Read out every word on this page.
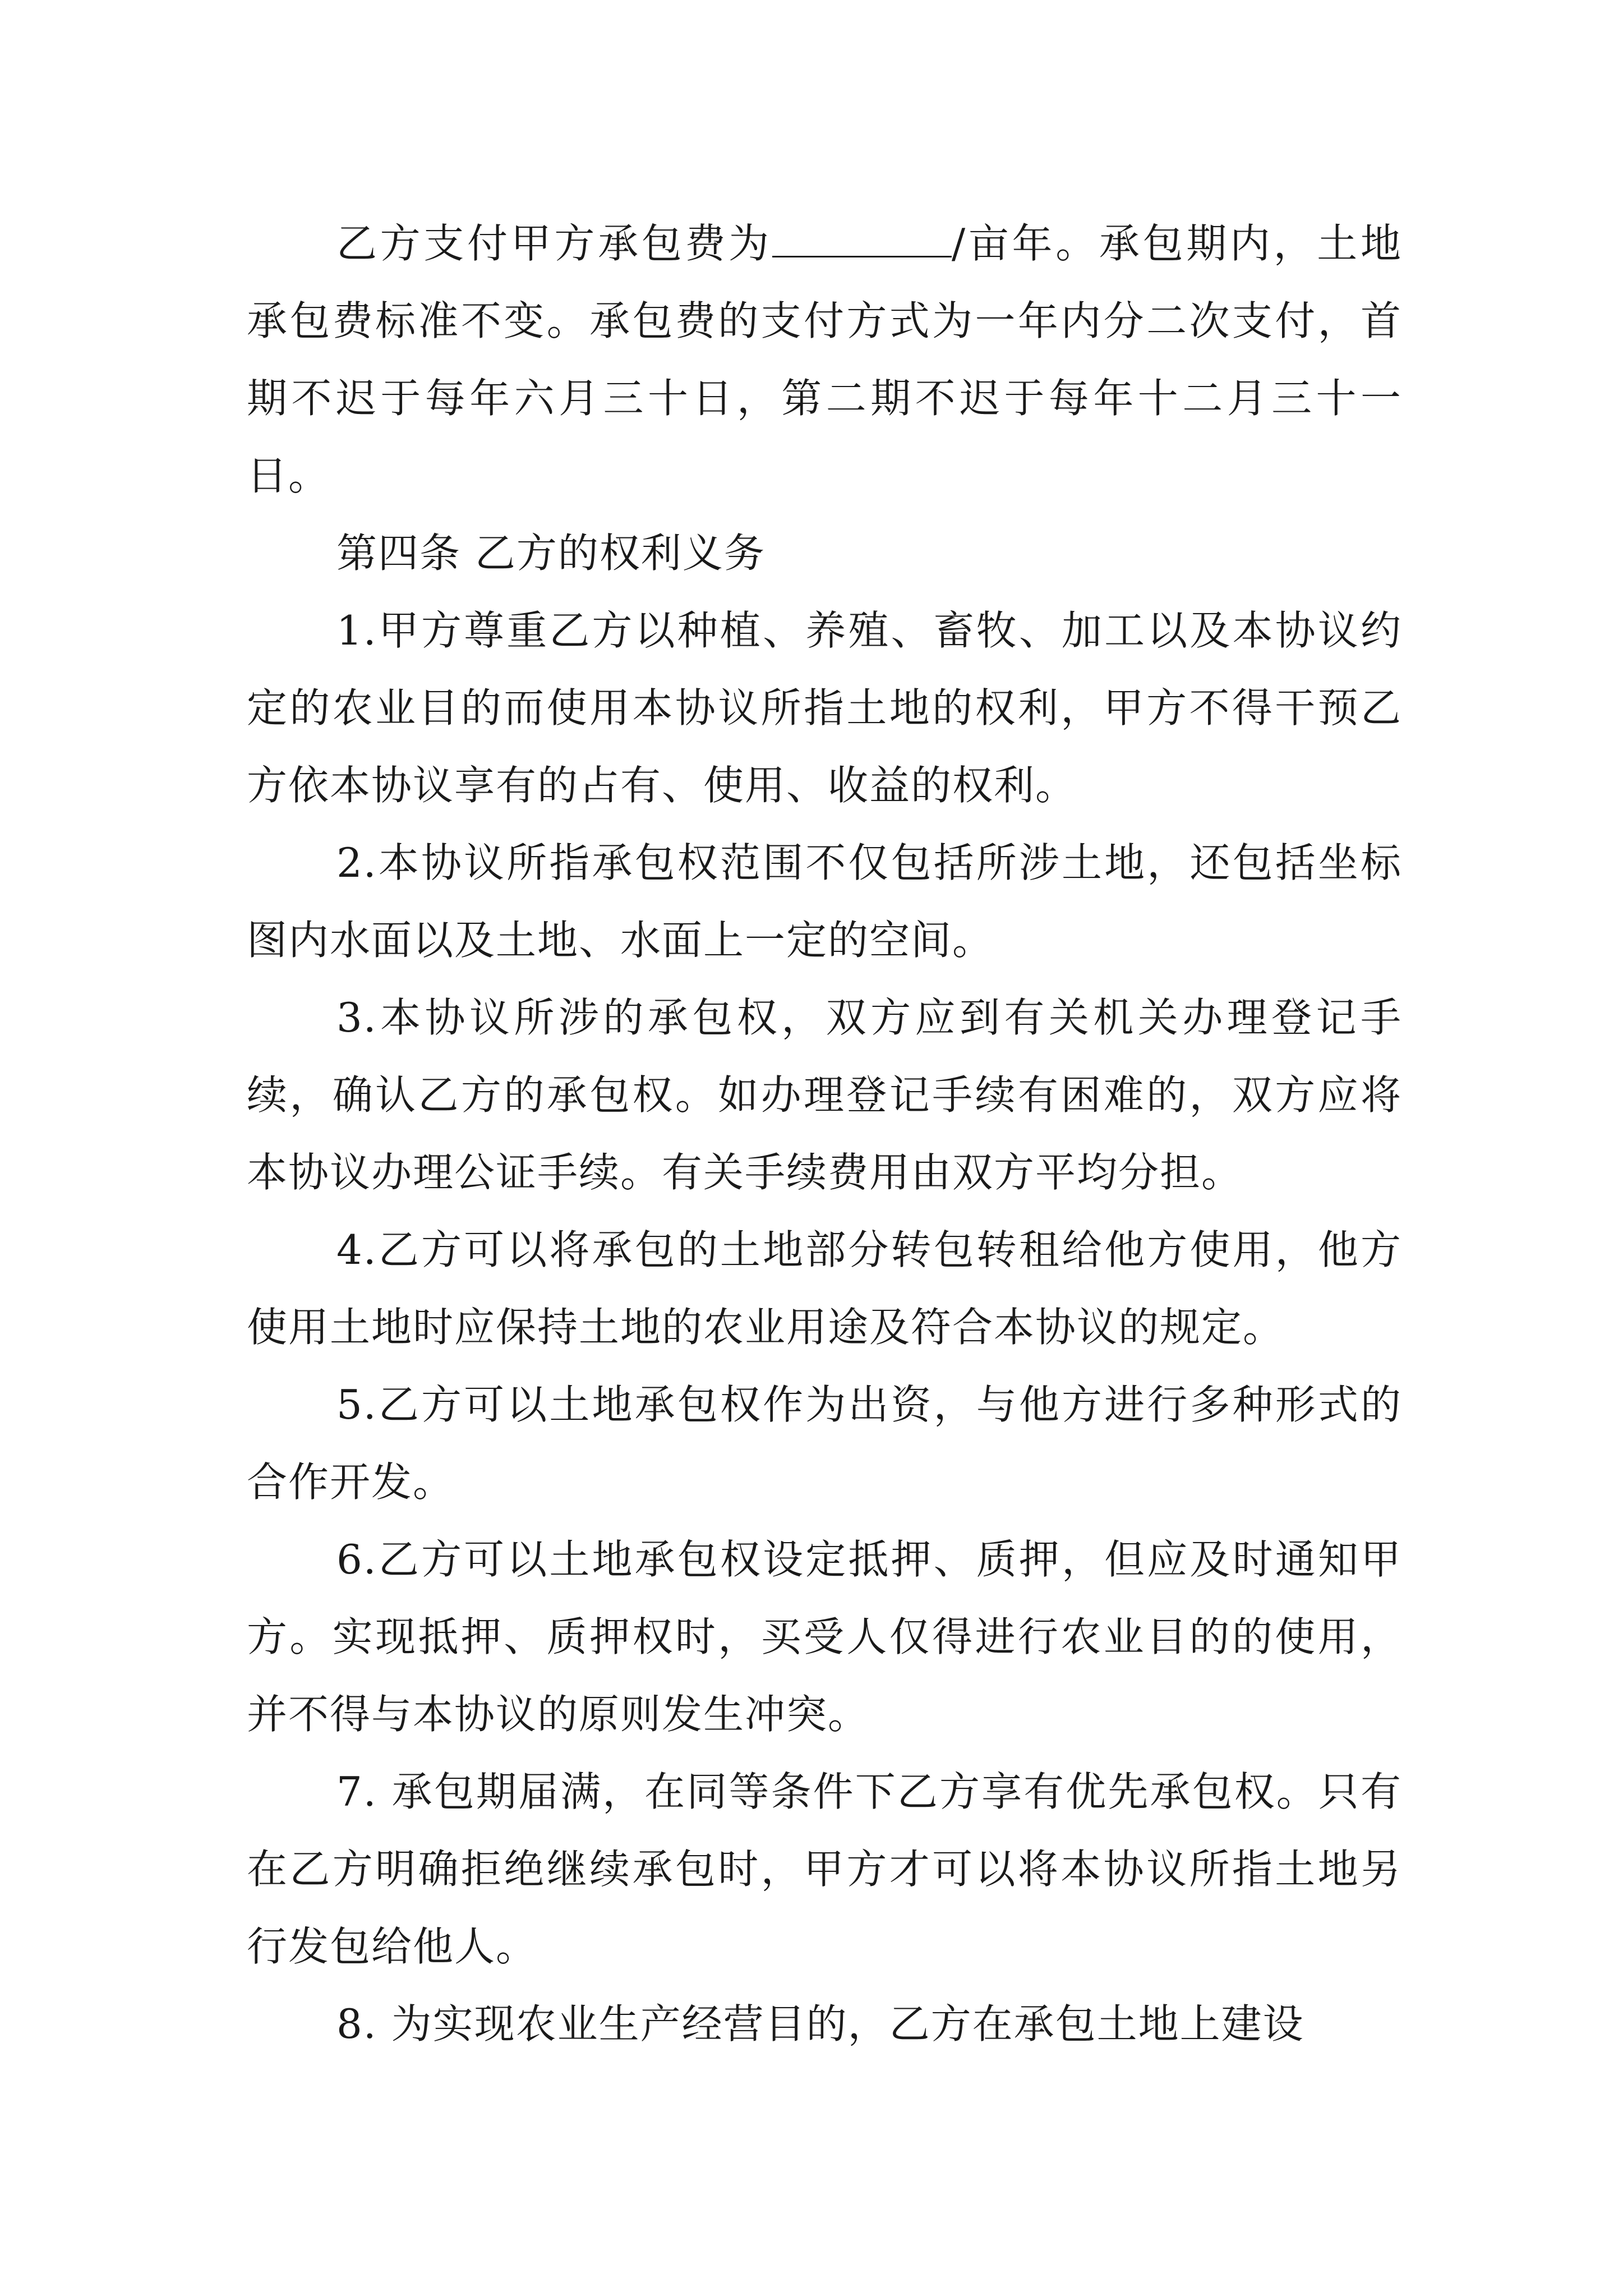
乙方支付甲方承包费为	/亩年。承包期内，土地承包费标准不变。承包费的支付方式为一年内分二次支付，首期不迟于每年六月三十日，第二期不迟于每年十二月三十一日。

第四条 乙方的权利义务

1.甲方尊重乙方以种植、养殖、畜牧、加工以及本协议约定的农业目的而使用本协议所指土地的权利，甲方不得干预乙方依本协议享有的占有、使用、收益的权利。

2.本协议所指承包权范围不仅包括所涉土地，还包括坐标图内水面以及土地、水面上一定的空间。

3.本协议所涉的承包权，双方应到有关机关办理登记手续，确认乙方的承包权。如办理登记手续有困难的，双方应将本协议办理公证手续。有关手续费用由双方平均分担。

4.乙方可以将承包的土地部分转包转租给他方使用，他方使用土地时应保持土地的农业用途及符合本协议的规定。

5.乙方可以土地承包权作为出资，与他方进行多种形式的合作开发。

6.乙方可以土地承包权设定抵押、质押，但应及时通知甲方。实现抵押、质押权时，买受人仅得进行农业目的的使用，并不得与本协议的原则发生冲突。

7. 承包期届满，在同等条件下乙方享有优先承包权。只有在乙方明确拒绝继续承包时，甲方才可以将本协议所指土地另行发包给他人。

8. 为实现农业生产经营目的，乙方在承包土地上建设
